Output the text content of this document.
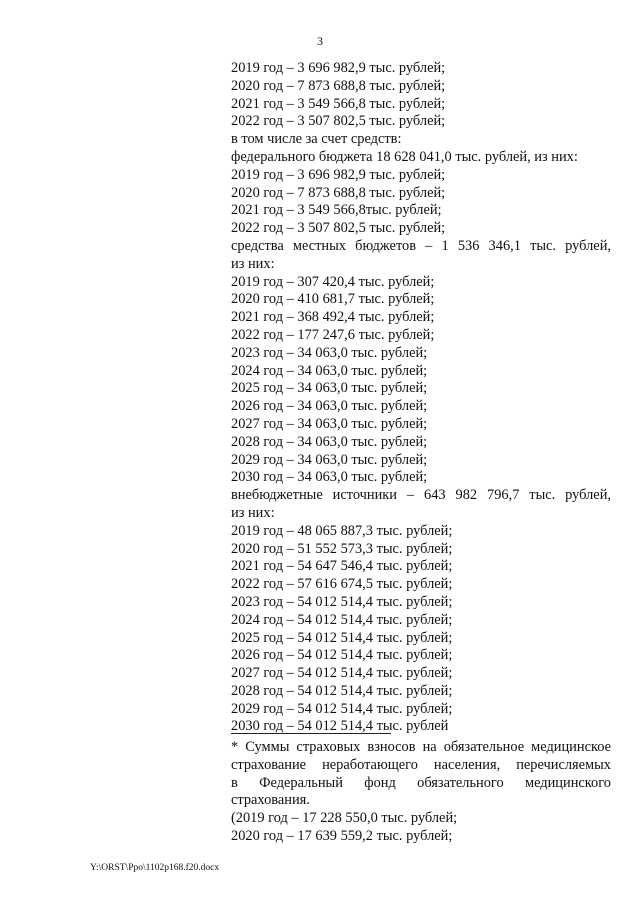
3
2019 год – 3 696 982,9 тыс. рублей;
2020 год – 7 873 688,8 тыс. рублей;
2021 год – 3 549 566,8 тыс. рублей;
2022 год – 3 507 802,5 тыс. рублей;
в том числе за счет средств:
федерального бюджета 18 628 041,0 тыс. рублей, из них:
2019 год – 3 696 982,9 тыс. рублей;
2020 год – 7 873 688,8 тыс. рублей;
2021 год – 3 549 566,8тыс. рублей;
2022 год – 3 507 802,5 тыс. рублей;
средства местных бюджетов – 1 536 346,1 тыс. рублей,
из них:
2019 год – 307 420,4 тыс. рублей;
2020 год – 410 681,7 тыс. рублей;
2021 год – 368 492,4 тыс. рублей;
2022 год – 177 247,6 тыс. рублей;
2023 год – 34 063,0 тыс. рублей;
2024 год – 34 063,0 тыс. рублей;
2025 год – 34 063,0 тыс. рублей;
2026 год – 34 063,0 тыс. рублей;
2027 год – 34 063,0 тыс. рублей;
2028 год – 34 063,0 тыс. рублей;
2029 год – 34 063,0 тыс. рублей;
2030 год – 34 063,0 тыс. рублей;
внебюджетные источники – 643 982 796,7 тыс. рублей,
из них:
2019 год – 48 065 887,3 тыс. рублей;
2020 год – 51 552 573,3 тыс. рублей;
2021 год – 54 647 546,4 тыс. рублей;
2022 год – 57 616 674,5 тыс. рублей;
2023 год – 54 012 514,4 тыс. рублей;
2024 год – 54 012 514,4 тыс. рублей;
2025 год – 54 012 514,4 тыс. рублей;
2026 год – 54 012 514,4 тыс. рублей;
2027 год – 54 012 514,4 тыс. рублей;
2028 год – 54 012 514,4 тыс. рублей;
2029 год – 54 012 514,4 тыс. рублей;
2030 год – 54 012 514,4 тыс. рублей
* Суммы страховых взносов на обязательное медицинское
страхование неработающего населения, перечисляемых
в Федеральный фонд обязательного медицинского
страхования.
(2019 год – 17 228 550,0 тыс. рублей;
2020 год – 17 639 559,2 тыс. рублей;
Y:\ORST\Ppo\1102p168.f20.docx
